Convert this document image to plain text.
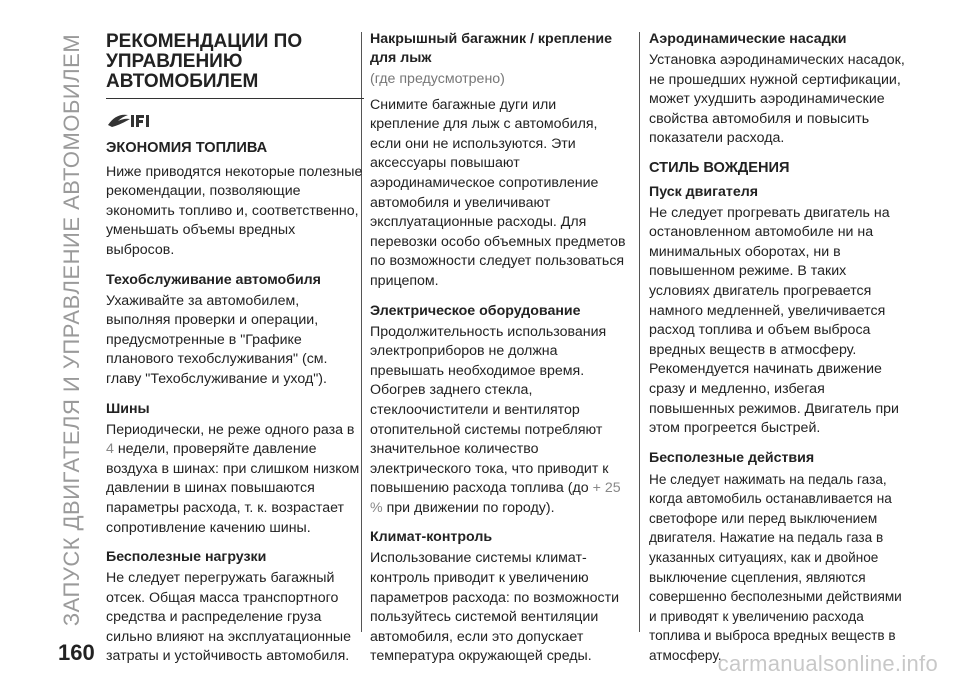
ЗАПУСК ДВИГАТЕЛЯ И УПРАВЛЕНИЕ АВТОМОБИЛЕМ РЕКОМЕНДАЦИИ ПО УПРАВЛЕНИЮ АВТОМОБИЛЕМ
ЭКОНОМИЯ ТОПЛИВА

Ниже приводятся некоторые полезные рекомендации, позволяющие экономить топливо и, соответственно, уменьшать объемы вредных выбросов.

Техобслуживание автомобиля

Ухаживайте за автомобилем, выполняя проверки и операции, предусмотренные в "Графике планового техобслуживания" (см. главу "Техобслуживание и уход").

Шины

Периодически, не реже одного раза в 4 недели, проверяйте давление воздуха в шинах: при слишком низком давлении в шинах повышаются параметры расхода, т. к. возрастает сопротивление качению шины.

Бесполезные нагрузки

Не следует перегружать багажный отсек. Общая масса транспортного средства и распределение груза сильно влияют на эксплуатационные затраты и устойчивость автомобиля.

Накрышный багажник / крепление для лыж

(где предусмотрено)

Снимите багажные дуги или крепление для лыж с автомобиля, если они не используются. Эти аксессуары повышают аэродинамическое сопротивление автомобиля и увеличивают эксплуатационные расходы. Для перевозки особо объемных предметов по возможности следует пользоваться прицепом.

Электрическое оборудование

Продолжительность использования электроприборов не должна превышать необходимое время. Обогрев заднего стекла, стеклоочистители и вентилятор отопительной системы потребляют значительное количество электрического тока, что приводит к повышению расхода топлива (до + 25 % при движении по городу).

Климат-контроль

Использование системы климат-контроль приводит к увеличению параметров расхода: по возможности пользуйтесь системой вентиляции автомобиля, если это допускает температура окружающей среды.

Аэродинамические насадки

Установка аэродинамических насадок, не прошедших нужной сертификации, может ухудшить аэродинамические свойства автомобиля и повысить показатели расхода.

СТИЛЬ ВОЖДЕНИЯ
Пуск двигателя

Не следует прогревать двигатель на остановленном автомобиле ни на минимальных оборотах, ни в повышенном режиме. В таких условиях двигатель прогревается намного медленней, увеличивается расход топлива и объем выброса вредных веществ в атмосферу. Рекомендуется начинать движение сразу и медленно, избегая повышенных режимов. Двигатель при этом прогреется быстрей.

Бесполезные действия

Не следует нажимать на педаль газа, когда автомобиль останавливается на светофоре или перед выключением двигателя. Нажатие на педаль газа в указанных ситуациях, как и двойное выключение сцепления, являются совершенно бесполезными действиями и приводят к увеличению расхода топлива и выброса вредных веществ в атмосферу.

160	carmanualsonline.info
